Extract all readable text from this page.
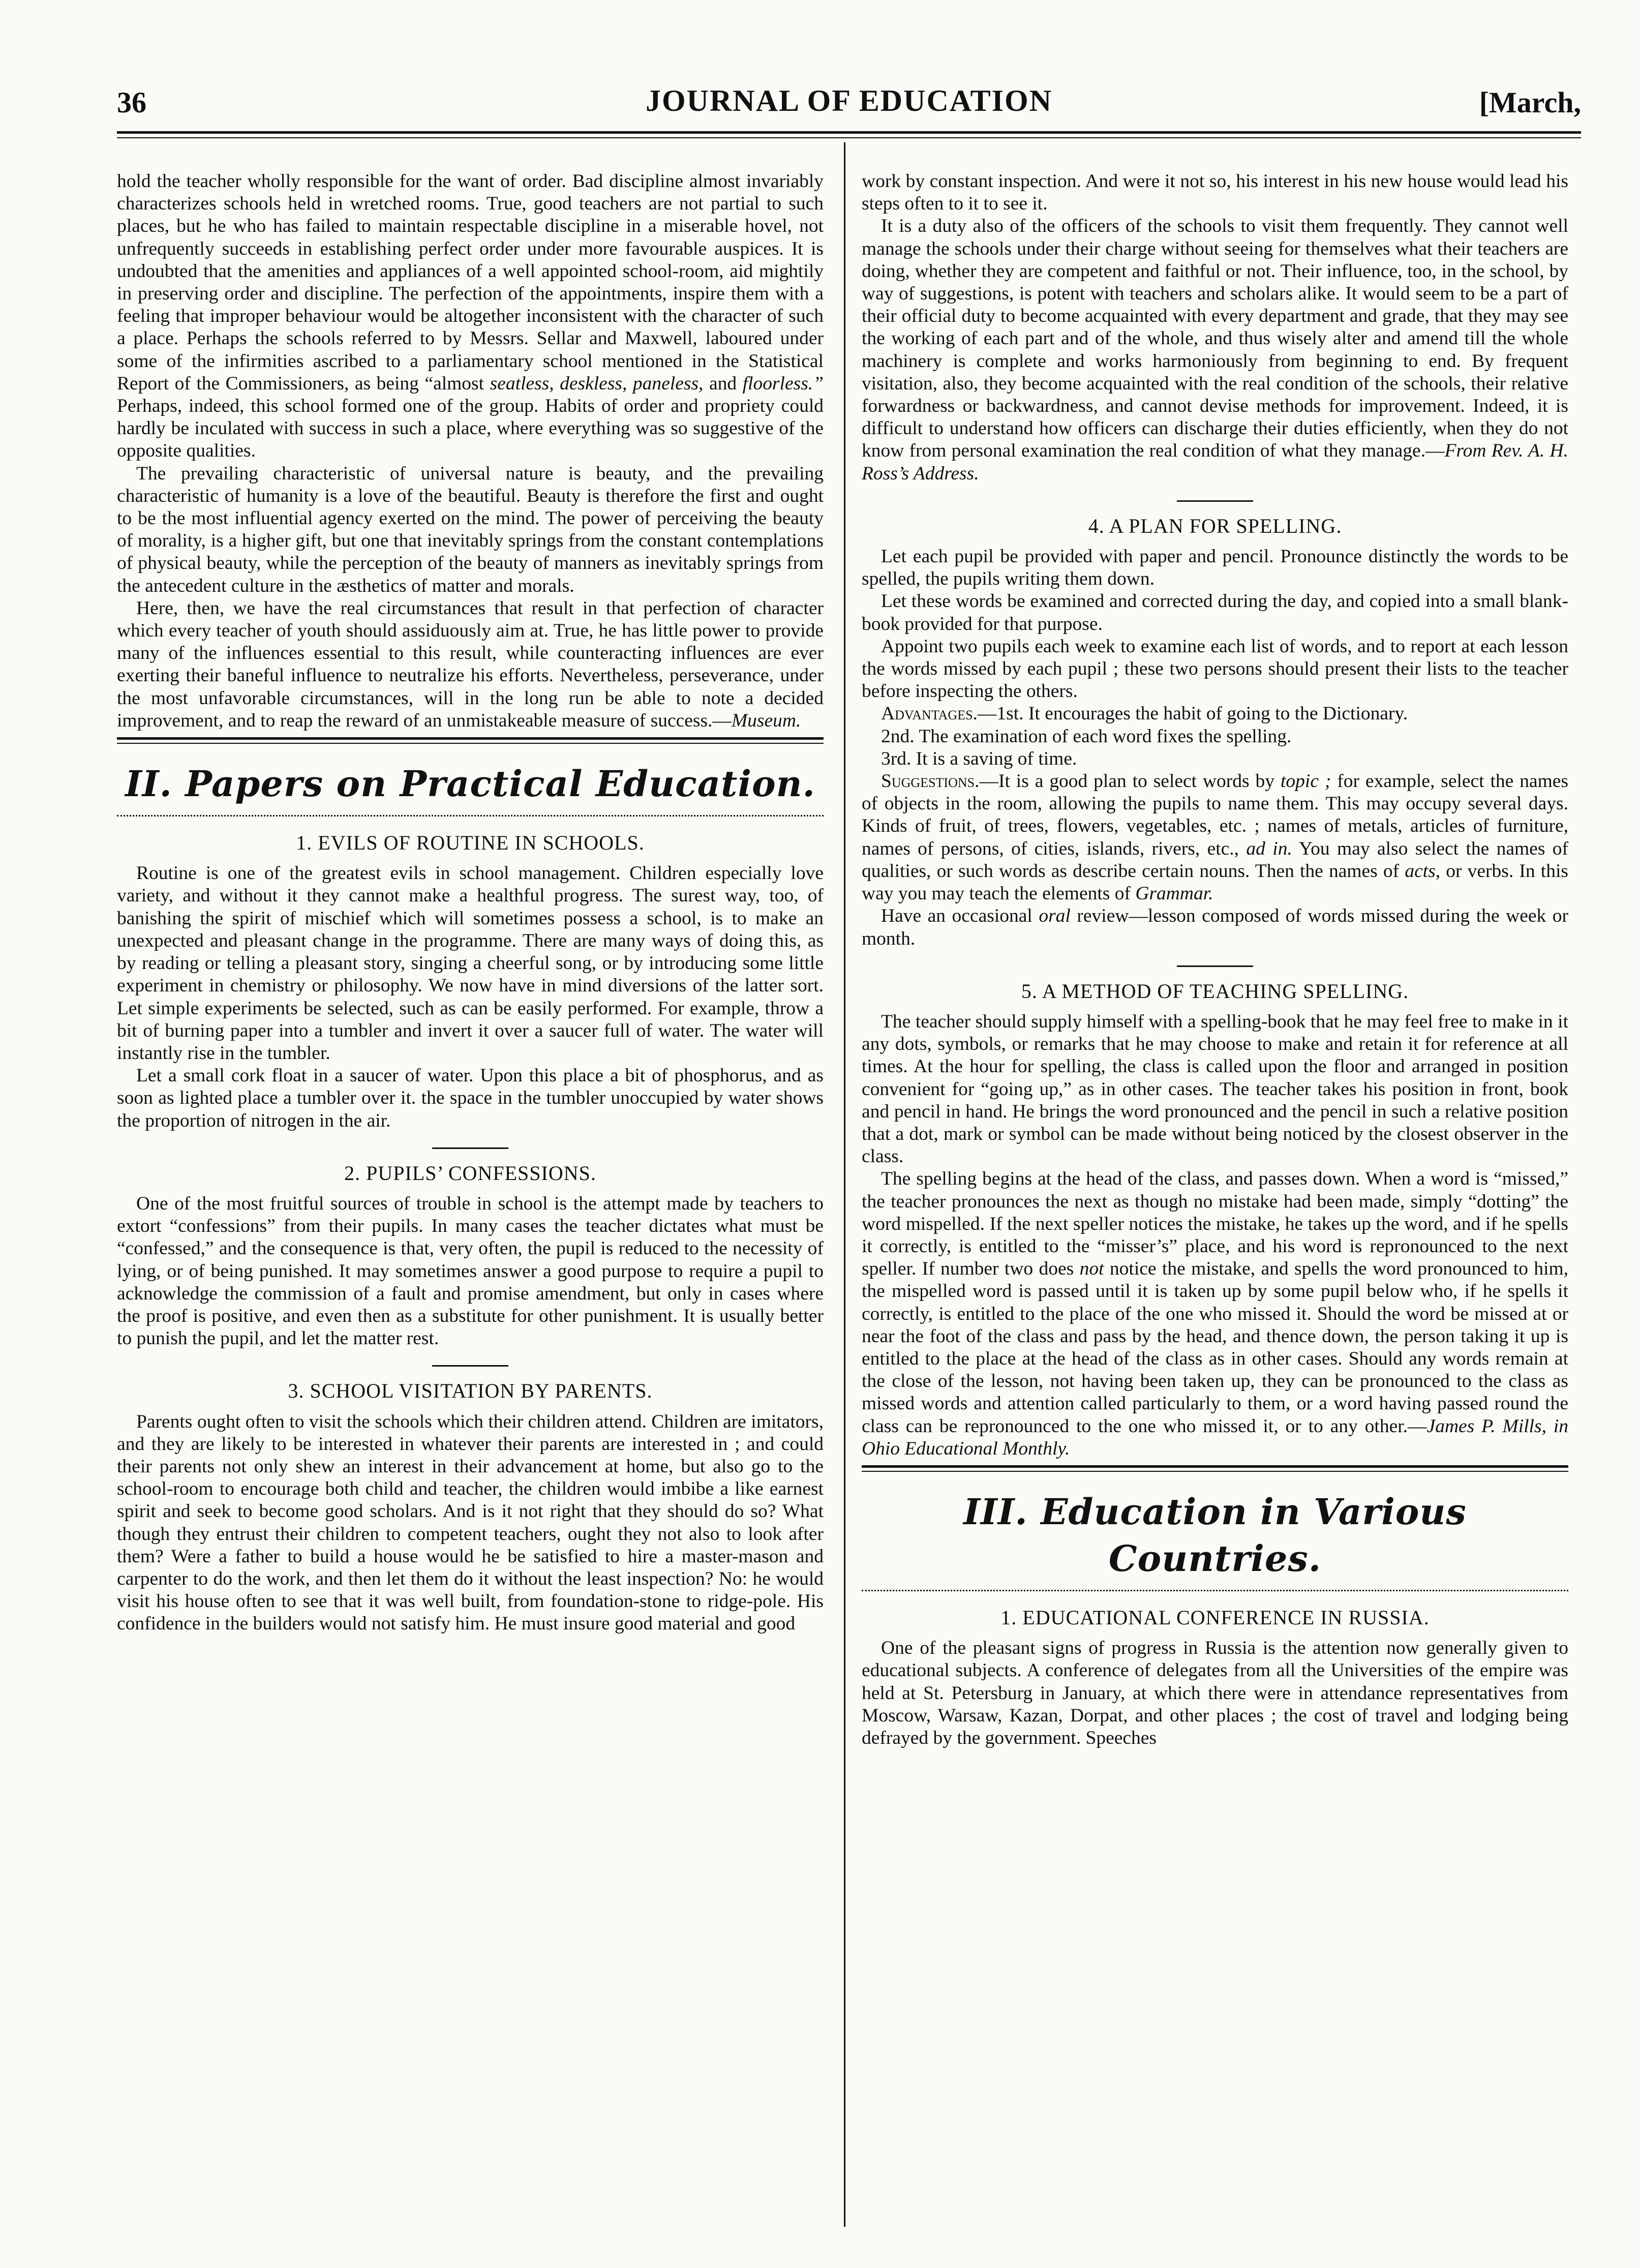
36	JOURNAL OF EDUCATION	[March,

hold the teacher wholly responsible for the want of order. Bad discipline almost invariably characterizes schools held in wretched rooms. True, good teachers are not partial to such places, but he who has failed to maintain respectable discipline in a miserable hovel, not unfrequently succeeds in establishing perfect order under more favourable auspices. It is undoubted that the amenities and appliances of a well appointed school-room, aid mightily in preserving order and discipline. The perfection of the appointments, inspire them with a feeling that improper behaviour would be altogether inconsistent with the character of such a place. Perhaps the schools referred to by Messrs. Sellar and Maxwell, laboured under some of the infirmities ascribed to a parliamentary school mentioned in the Statistical Report of the Commissioners, as being “almost seatless, deskless, paneless, and floorless.” Perhaps, indeed, this school formed one of the group. Habits of order and propriety could hardly be inculated with success in such a place, where everything was so suggestive of the opposite qualities.

The prevailing characteristic of universal nature is beauty, and the prevailing characteristic of humanity is a love of the beautiful. Beauty is therefore the first and ought to be the most influential agency exerted on the mind. The power of perceiving the beauty of morality, is a higher gift, but one that inevitably springs from the constant contemplations of physical beauty, while the perception of the beauty of manners as inevitably springs from the antecedent culture in the æsthetics of matter and morals.

Here, then, we have the real circumstances that result in that perfection of character which every teacher of youth should assiduously aim at. True, he has little power to provide many of the influences essential to this result, while counteracting influences are ever exerting their baneful influence to neutralize his efforts. Nevertheless, perseverance, under the most unfavorable circumstances, will in the long run be able to note a decided improvement, and to reap the reward of an unmistakeable measure of success.—Museum.

II. Papers on Practical Education.
1. EVILS OF ROUTINE IN SCHOOLS.

Routine is one of the greatest evils in school management. Children especially love variety, and without it they cannot make a healthful progress. The surest way, too, of banishing the spirit of mischief which will sometimes possess a school, is to make an unexpected and pleasant change in the programme. There are many ways of doing this, as by reading or telling a pleasant story, singing a cheerful song, or by introducing some little experiment in chemistry or philosophy. We now have in mind diversions of the latter sort. Let simple experiments be selected, such as can be easily performed. For example, throw a bit of burning paper into a tumbler and invert it over a saucer full of water. The water will instantly rise in the tumbler.

Let a small cork float in a saucer of water. Upon this place a bit of phosphorus, and as soon as lighted place a tumbler over it. the space in the tumbler unoccupied by water shows the proportion of nitrogen in the air.

2. PUPILS’ CONFESSIONS.

One of the most fruitful sources of trouble in school is the attempt made by teachers to extort “confessions” from their pupils. In many cases the teacher dictates what must be “confessed,” and the consequence is that, very often, the pupil is reduced to the necessity of lying, or of being punished. It may sometimes answer a good purpose to require a pupil to acknowledge the commission of a fault and promise amendment, but only in cases where the proof is positive, and even then as a substitute for other punishment. It is usually better to punish the pupil, and let the matter rest.

3. SCHOOL VISITATION BY PARENTS.

Parents ought often to visit the schools which their children attend. Children are imitators, and they are likely to be interested in whatever their parents are interested in ; and could their parents not only shew an interest in their advancement at home, but also go to the school-room to encourage both child and teacher, the children would imbibe a like earnest spirit and seek to become good scholars. And is it not right that they should do so? What though they entrust their children to competent teachers, ought they not also to look after them? Were a father to build a house would he be satisfied to hire a master-mason and carpenter to do the work, and then let them do it without the least inspection? No: he would visit his house often to see that it was well built, from foundation-stone to ridge-pole. His confidence in the builders would not satisfy him. He must insure good material and good

work by constant inspection. And were it not so, his interest in his new house would lead his steps often to it to see it.

It is a duty also of the officers of the schools to visit them frequently. They cannot well manage the schools under their charge without seeing for themselves what their teachers are doing, whether they are competent and faithful or not. Their influence, too, in the school, by way of suggestions, is potent with teachers and scholars alike. It would seem to be a part of their official duty to become acquainted with every department and grade, that they may see the working of each part and of the whole, and thus wisely alter and amend till the whole machinery is complete and works harmoniously from beginning to end. By frequent visitation, also, they become acquainted with the real condition of the schools, their relative forwardness or backwardness, and cannot devise methods for improvement. Indeed, it is difficult to understand how officers can discharge their duties efficiently, when they do not know from personal examination the real condition of what they manage.—From Rev. A. H. Ross’s Address.

4. A PLAN FOR SPELLING.

Let each pupil be provided with paper and pencil. Pronounce distinctly the words to be spelled, the pupils writing them down.

Let these words be examined and corrected during the day, and copied into a small blank-book provided for that purpose.

Appoint two pupils each week to examine each list of words, and to report at each lesson the words missed by each pupil ; these two persons should present their lists to the teacher before inspecting the others.

Advantages.—1st. It encourages the habit of going to the Dictionary.

2nd. The examination of each word fixes the spelling.

3rd. It is a saving of time.

Suggestions.—It is a good plan to select words by topic ; for example, select the names of objects in the room, allowing the pupils to name them. This may occupy several days. Kinds of fruit, of trees, flowers, vegetables, etc. ; names of metals, articles of furniture, names of persons, of cities, islands, rivers, etc., ad in. You may also select the names of qualities, or such words as describe certain nouns. Then the names of acts, or verbs. In this way you may teach the elements of Grammar.

Have an occasional oral review—lesson composed of words missed during the week or month.

5. A METHOD OF TEACHING SPELLING.

The teacher should supply himself with a spelling-book that he may feel free to make in it any dots, symbols, or remarks that he may choose to make and retain it for reference at all times. At the hour for spelling, the class is called upon the floor and arranged in position convenient for “going up,” as in other cases. The teacher takes his position in front, book and pencil in hand. He brings the word pronounced and the pencil in such a relative position that a dot, mark or symbol can be made without being noticed by the closest observer in the class.

The spelling begins at the head of the class, and passes down. When a word is “missed,” the teacher pronounces the next as though no mistake had been made, simply “dotting” the word mispelled. If the next speller notices the mistake, he takes up the word, and if he spells it correctly, is entitled to the “misser’s” place, and his word is repronounced to the next speller. If number two does not notice the mistake, and spells the word pronounced to him, the mispelled word is passed until it is taken up by some pupil below who, if he spells it correctly, is entitled to the place of the one who missed it. Should the word be missed at or near the foot of the class and pass by the head, and thence down, the person taking it up is entitled to the place at the head of the class as in other cases. Should any words remain at the close of the lesson, not having been taken up, they can be pronounced to the class as missed words and attention called particularly to them, or a word having passed round the class can be repronounced to the one who missed it, or to any other.—James P. Mills, in Ohio Educational Monthly.

III. Education in Various Countries.
1. EDUCATIONAL CONFERENCE IN RUSSIA.

One of the pleasant signs of progress in Russia is the attention now generally given to educational subjects. A conference of delegates from all the Universities of the empire was held at St. Petersburg in January, at which there were in attendance representatives from Moscow, Warsaw, Kazan, Dorpat, and other places ; the cost of travel and lodging being defrayed by the government. Speeches
